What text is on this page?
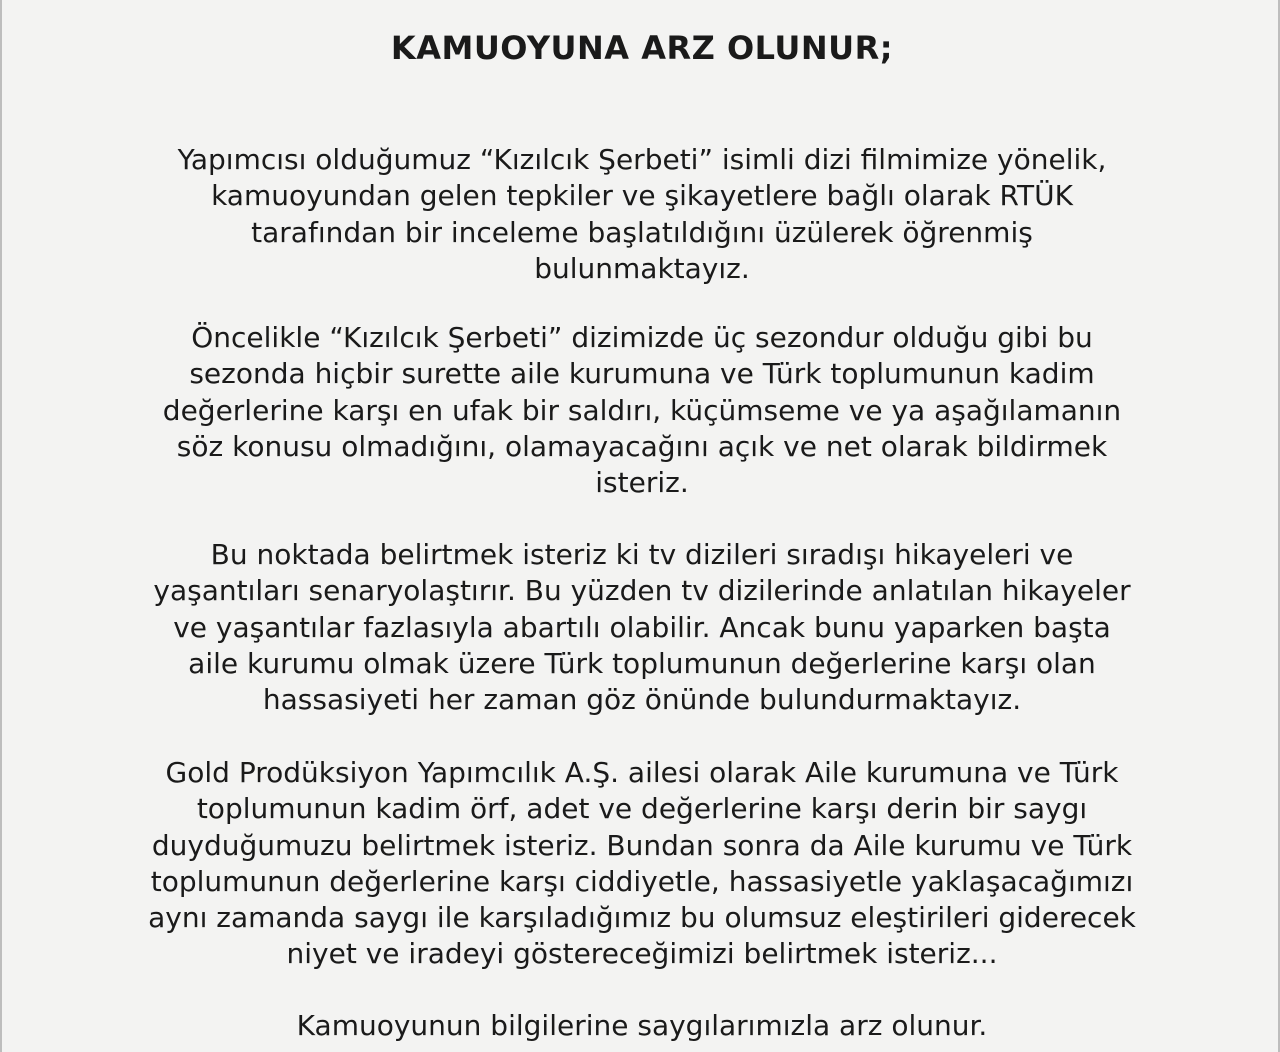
KAMUOYUNA ARZ OLUNUR;
Yapımcısı olduğumuz “Kızılcık Şerbeti” isimli dizi filmimize yönelik,
kamuoyundan gelen tepkiler ve şikayetlere bağlı olarak RTÜK
tarafından bir inceleme başlatıldığını üzülerek öğrenmiş
bulunmaktayız.
Öncelikle “Kızılcık Şerbeti” dizimizde üç sezondur olduğu gibi bu
sezonda hiçbir surette aile kurumuna ve Türk toplumunun kadim
değerlerine karşı en ufak bir saldırı, küçümseme ve ya aşağılamanın
söz konusu olmadığını, olamayacağını açık ve net olarak bildirmek
isteriz.
Bu noktada belirtmek isteriz ki tv dizileri sıradışı hikayeleri ve
yaşantıları senaryolaştırır. Bu yüzden tv dizilerinde anlatılan hikayeler
ve yaşantılar fazlasıyla abartılı olabilir. Ancak bunu yaparken başta
aile kurumu olmak üzere Türk toplumunun değerlerine karşı olan
hassasiyeti her zaman göz önünde bulundurmaktayız.
Gold Prodüksiyon Yapımcılık A.Ş. ailesi olarak Aile kurumuna ve Türk
toplumunun kadim örf, adet ve değerlerine karşı derin bir saygı
duyduğumuzu belirtmek isteriz. Bundan sonra da Aile kurumu ve Türk
toplumunun değerlerine karşı ciddiyetle, hassasiyetle yaklaşacağımızı
aynı zamanda saygı ile karşıladığımız bu olumsuz eleştirileri giderecek
niyet ve iradeyi göstereceğimizi belirtmek isteriz...
Kamuoyunun bilgilerine saygılarımızla arz olunur.
